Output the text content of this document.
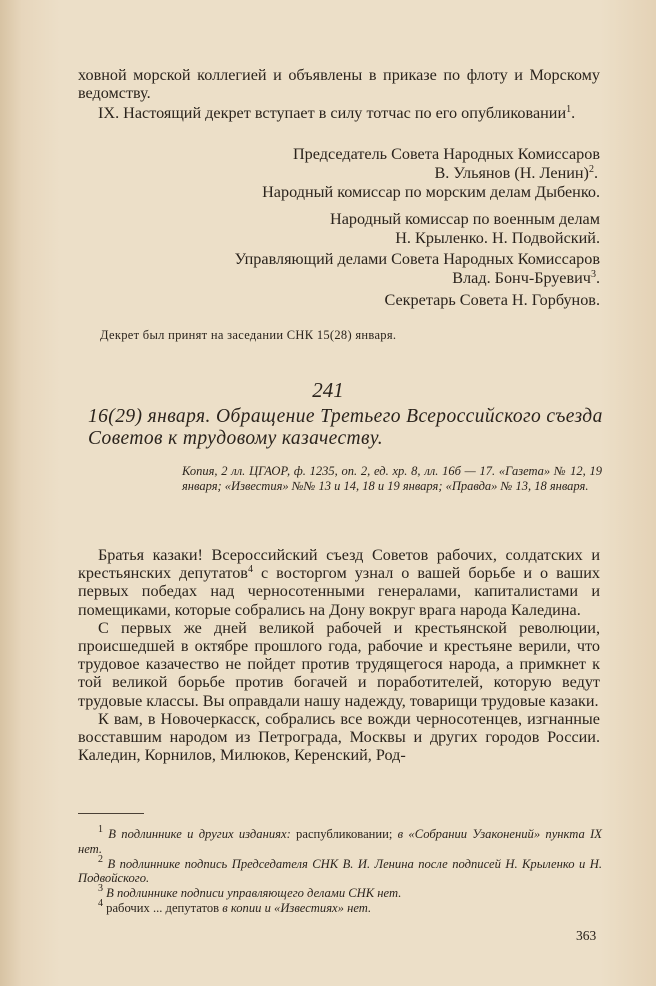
ховной морской коллегией и объявлены в приказе по флоту и Морскому ведомству.

IX. Настоящий декрет вступает в силу тотчас по его опубликовании$^1$.

Председатель Совета Народных Комиссаров
В. Ульянов (Н. Ленин)$^2$.
Народный комиссар по морским делам Дыбенко.
Народный комиссар по военным делам
Н. Крыленко. Н. Подвойский.
Управляющий делами Совета Народных Комиссаров
Влад. Бонч-Бруевич$^3$.
Секретарь Совета Н. Горбунов.
Декрет был принят на заседании СНК 15(28) января.
241
16(29) января. Обращение Третьего Всероссийского съезда Советов к трудовому казачеству.
Копия, 2 лл. ЦГАОР, ф. 1235, оп. 2, ед. хр. 8, лл. 16б — 17. «Газета» № 12, 19 января; «Известия» №№ 13 и 14, 18 и 19 января; «Правда» № 13, 18 января.

Братья казаки! Всероссийский съезд Советов рабочих, солдатских и крестьянских депутатов$^4$ с восторгом узнал о вашей борьбе и о ваших первых победах над черносотенными генералами, капиталистами и помещиками, которые собрались на Дону вокруг врага народа Каледина.

С первых же дней великой рабочей и крестьянской революции, происшедшей в октябре прошлого года, рабочие и крестьяне верили, что трудовое казачество не пойдет против трудящегося народа, а примкнет к той великой борьбе против богачей и поработителей, которую ведут трудовые классы. Вы оправдали нашу надежду, товарищи трудовые казаки.

К вам, в Новочеркасск, собрались все вожди черносотенцев, изгнанные восставшим народом из Петрограда, Москвы и других городов России. Каледин, Корнилов, Милюков, Керенский, Род-

$^1$ В подлиннике и других изданиях: распубликовании; в «Собрании Узаконений» пункта IX нет.

$^2$ В подлиннике подпись Председателя СНК В. И. Ленина после подписей Н. Крыленко и Н. Подвойского.

$^3$ В подлиннике подписи управляющего делами СНК нет.

$^4$ рабочих ... депутатов в копии и «Известиях» нет.

363
